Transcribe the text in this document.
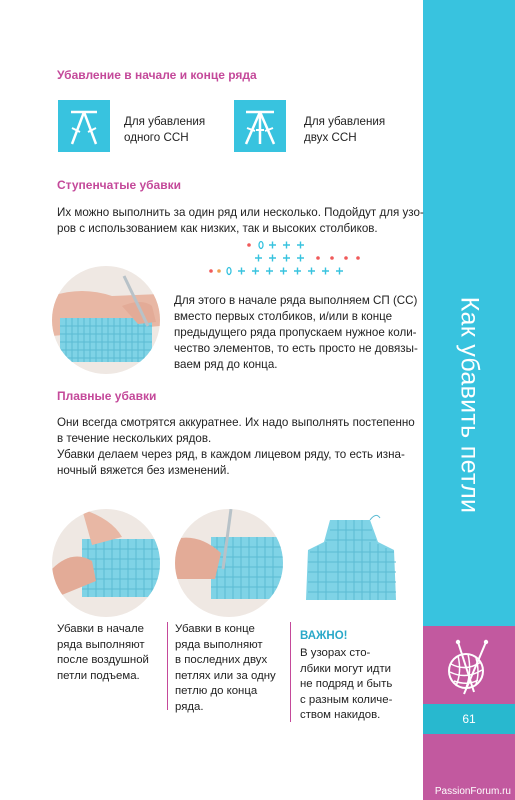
Как убавить петли
61
PassionForum.ru
Убавление в начале и конце ряда
Для убавления
одного ССН
Для убавления
двух ССН
Ступенчатые убавки
Их можно выполнить за один ряд или несколько. Подойдут для узо-
ров с использованием как низких, так и высоких столбиков.
Для этого в начале ряда выполняем СП (СС)
вместо первых столбиков, и/или в конце
предыдущего ряда пропускаем нужное коли-
чество элементов, то есть просто не довязы-
ваем ряд до конца.
Плавные убавки
Они всегда смотрятся аккуратнее. Их надо выполнять постепенно
в течение нескольких рядов.
Убавки делаем через ряд, в каждом лицевом ряду, то есть изна-
ночный вяжется без изменений.
Убавки в начале
ряда выполняют
после воздушной
петли подъема.
Убавки в конце
ряда выполняют
в последних двух
петлях или за одну
петлю до конца
ряда.
ВАЖНО!
В узорах сто-
лбики могут идти
не подряд и быть
с разным количе-
ством накидов.
